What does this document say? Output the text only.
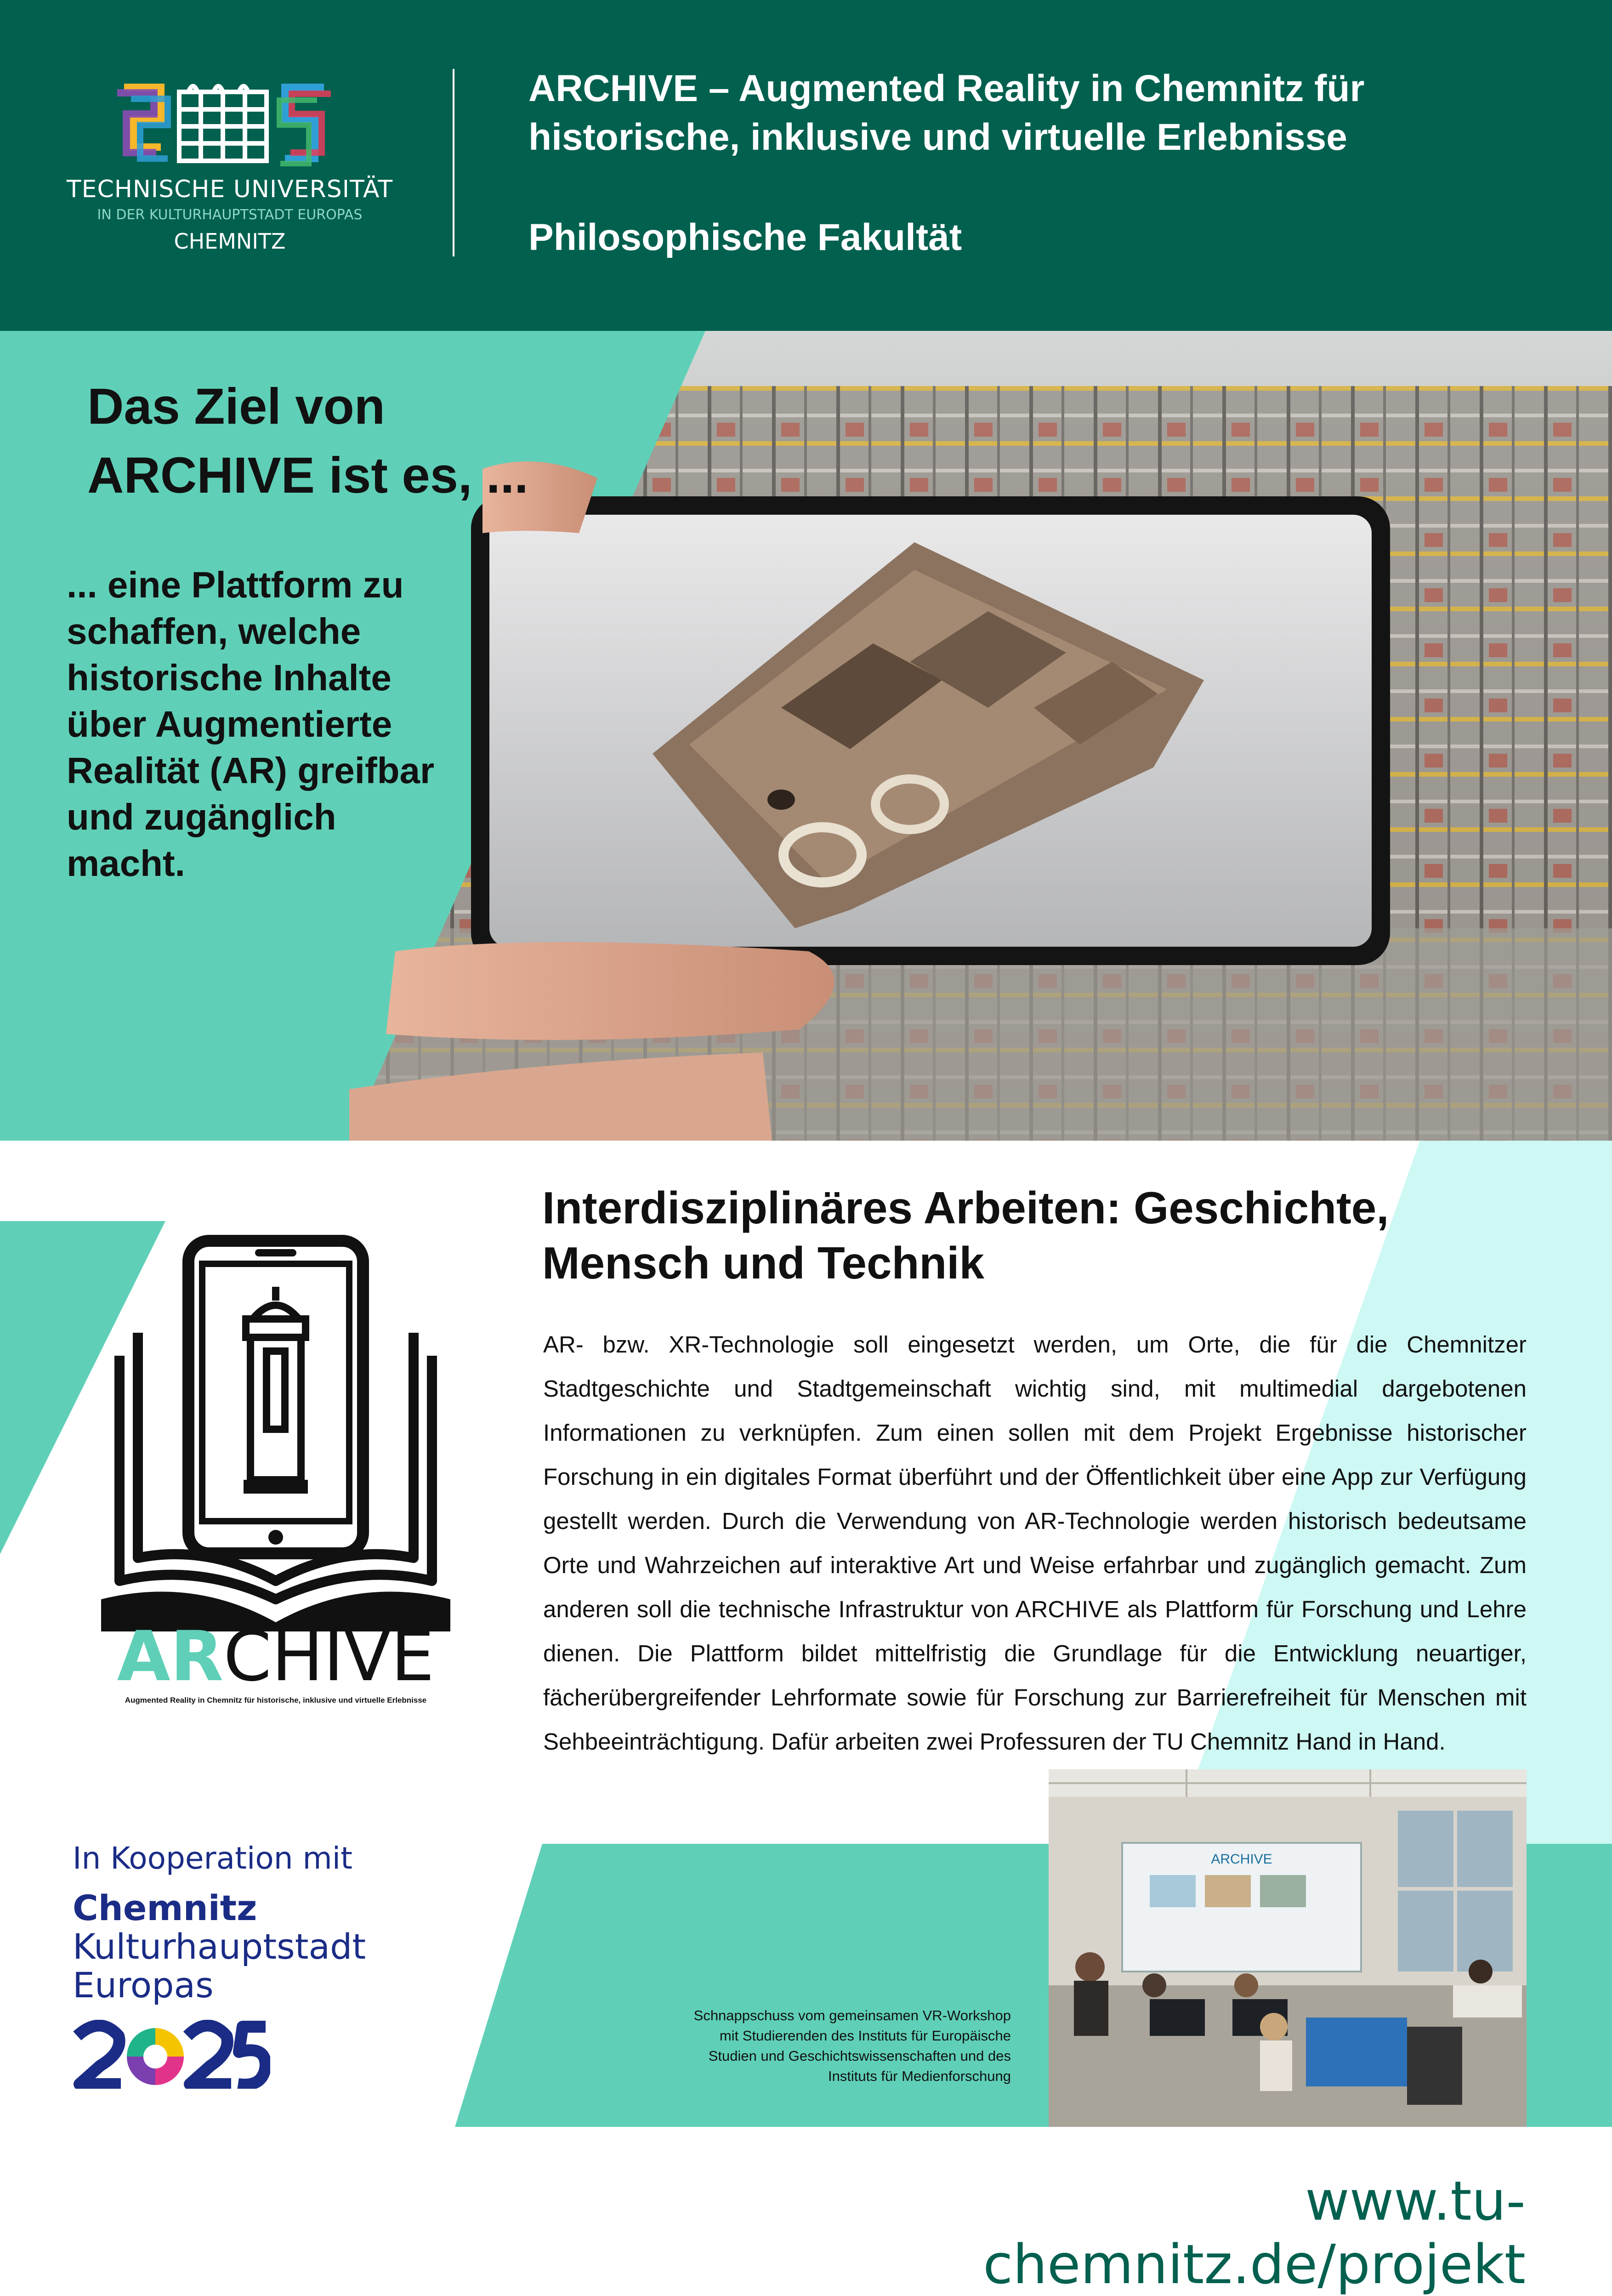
TECHNISCHE UNIVERSITÄT
IN DER KULTURHAUPTSTADT EUROPAS
CHEMNITZ
ARCHIVE – Augmented Reality in Chemnitz für
historische, inklusive und virtuelle Erlebnisse
Philosophische Fakultät
Das Ziel von
ARCHIVE ist es, ...
... eine Plattform zu
schaffen, welche
historische Inhalte
über Augmentierte
Realität (AR) greifbar
und zugänglich
macht.
Interdisziplinäres Arbeiten: Geschichte,
Mensch und Technik
AR- bzw. XR-Technologie soll eingesetzt werden, um Orte, die für die Chemnitzer Stadtgeschichte und Stadtgemeinschaft wichtig sind, mit multimedial dargebotenen Informationen zu verknüpfen. Zum einen sollen mit dem Projekt Ergebnisse historischer Forschung in ein digitales Format überführt und der Öffentlichkeit über eine App zur Verfügung gestellt werden. Durch die Verwendung von AR-Technologie werden historisch bedeutsame Orte und Wahrzeichen auf interaktive Art und Weise erfahrbar und zugänglich gemacht. Zum anderen soll die technische Infrastruktur von ARCHIVE als Plattform für Forschung und Lehre dienen. Die Plattform bildet mittelfristig die Grundlage für die Entwicklung neuartiger, fächerübergreifender Lehrformate sowie für Forschung zur Barrierefreiheit für Menschen mit Sehbeeinträchtigung. Dafür arbeiten zwei Professuren der TU Chemnitz Hand in Hand.
ARCHIVE
Augmented Reality in Chemnitz für historische, inklusive und virtuelle Erlebnisse
ARCHIVE
Schnappschuss vom gemeinsamen VR-Workshop
mit Studierenden des Instituts für Europäische
Studien und Geschichtswissenschaften und des
Instituts für Medienforschung
In Kooperation mit
Chemnitz
Kulturhauptstadt
Europas
www.tu-chemnitz.de/projekt
